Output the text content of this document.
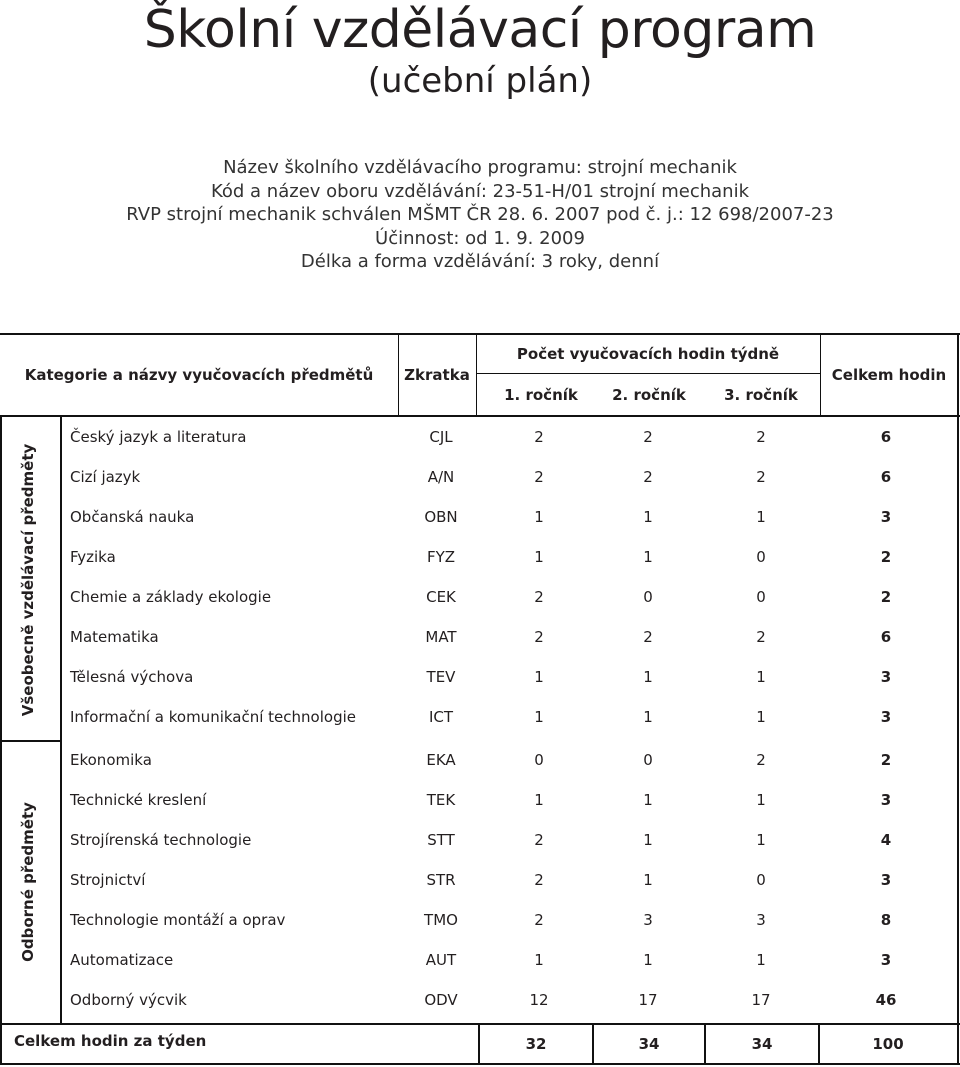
Školní vzdělávací program
(učební plán)
Název školního vzdělávacího programu: strojní mechanik
Kód a název oboru vzdělávání: 23-51-H/01 strojní mechanik
RVP strojní mechanik schválen MŠMT ČR 28. 6. 2007 pod č. j.: 12 698/2007-23
Účinnost: od 1. 9. 2009
Délka a forma vzdělávání: 3 roky, denní
Kategorie a názvy vyučovacích předmětů	Zkratka
Počet vyučovacích hodin týdně
1. ročník	2. ročník	3. ročník
Celkem hodin
Všeobecně vzdělávací předměty
Odborné předměty
Český jazyk a literatura	CJL	2	2	2	6
Cizí jazyk	A/N	2	2	2	6
Občanská nauka	OBN	1	1	1	3
Fyzika	FYZ	1	1	0	2
Chemie a základy ekologie	CEK	2	0	0	2
Matematika	MAT	2	2	2	6
Tělesná výchova	TEV	1	1	1	3
Informační a komunikační technologie	ICT	1	1	1	3
Ekonomika	EKA	0	0	2	2
Technické kreslení	TEK	1	1	1	3
Strojírenská technologie	STT	2	1	1	4
Strojnictví	STR	2	1	0	3
Technologie montáží a oprav	TMO	2	3	3	8
Automatizace	AUT	1	1	1	3
Odborný výcvik	ODV	12	17	17	46
Celkem hodin za týden	32	34	34	100
